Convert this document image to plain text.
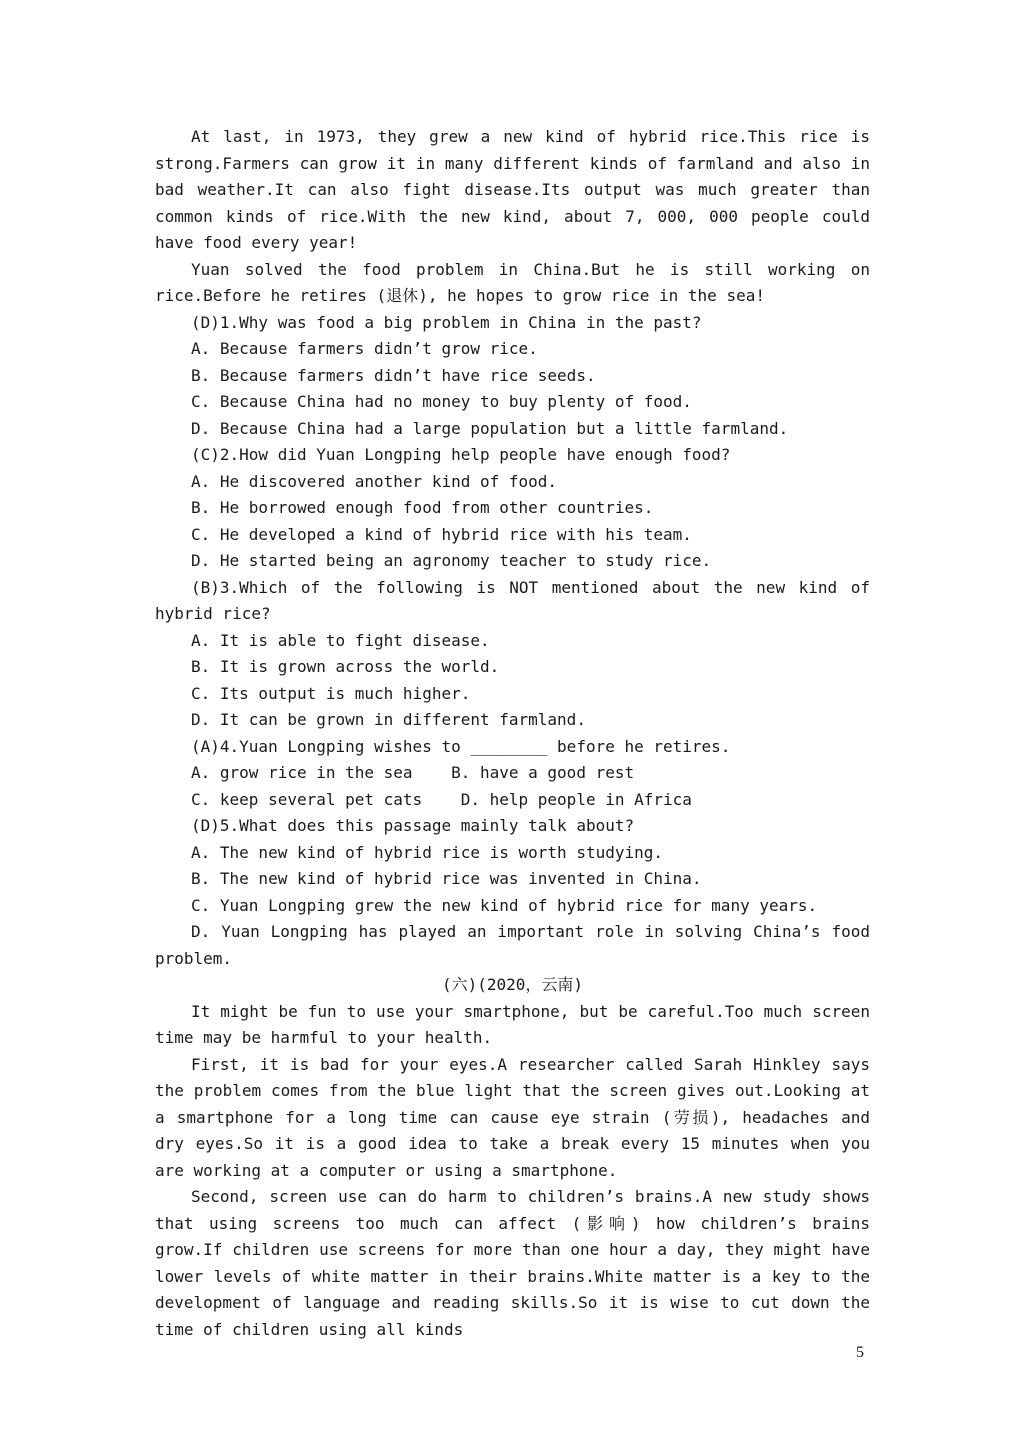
At last, in 1973, they grew a new kind of hybrid rice.This rice is strong.Farmers can grow it in many different kinds of farmland and also in bad weather.It can also fight disease.Its output was much greater than common kinds of rice.With the new kind, about 7, 000, 000 people could have food every year!

Yuan solved the food problem in China.But he is still working on rice.Before he retires (退休), he hopes to grow rice in the sea!

(D)1.Why was food a big problem in China in the past?

A. Because farmers didn’t grow rice.

B. Because farmers didn’t have rice seeds.

C. Because China had no money to buy plenty of food.

D. Because China had a large population but a little farmland.

(C)2.How did Yuan Longping help people have enough food?

A. He discovered another kind of food.

B. He borrowed enough food from other countries.

C. He developed a kind of hybrid rice with his team.

D. He started being an agronomy teacher to study rice.

(B)3.Which of the following is NOT mentioned about the new kind of hybrid rice?

A. It is able to fight disease.

B. It is grown across the world.

C. Its output is much higher.

D. It can be grown in different farmland.

(A)4.Yuan Longping wishes to ________ before he retires.

A. grow rice in the sea    B. have a good rest

C. keep several pet cats    D. help people in Africa

(D)5.What does this passage mainly talk about?

A. The new kind of hybrid rice is worth studying.

B. The new kind of hybrid rice was invented in China.

C. Yuan Longping grew the new kind of hybrid rice for many years.

D. Yuan Longping has played an important role in solving China’s food problem.

(六)(2020，云南)

It might be fun to use your smartphone, but be careful.Too much screen time may be harmful to your health.

First, it is bad for your eyes.A researcher called Sarah Hinkley says the problem comes from the blue light that the screen gives out.Looking at a smartphone for a long time can cause eye strain (劳损), headaches and dry eyes.So it is a good idea to take a break every 15 minutes when you are working at a computer or using a smartphone.

Second, screen use can do harm to children’s brains.A new study shows that using screens too much can affect (影响) how children’s brains grow.If children use screens for more than one hour a day, they might have lower levels of white matter in their brains.White matter is a key to the development of language and reading skills.So it is wise to cut down the time of children using all kinds

5
